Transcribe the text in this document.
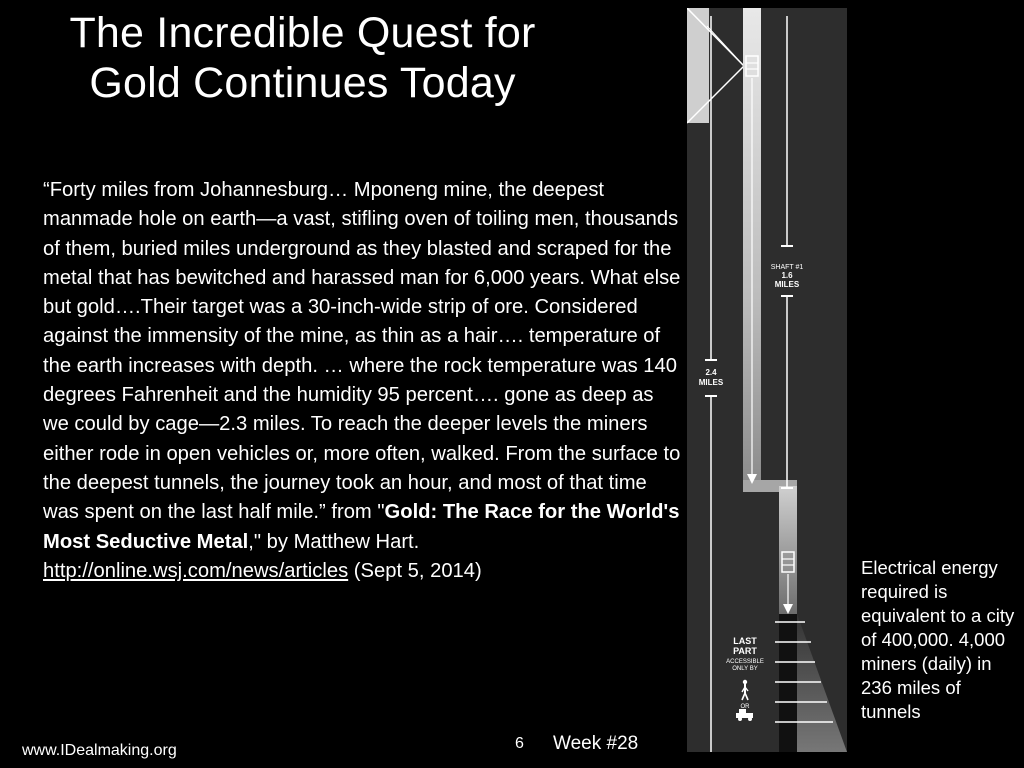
The Incredible Quest for
Gold Continues Today

“Forty miles from Johannesburg… Mponeng mine, the deepest manmade hole on earth—a vast, stifling oven of toiling men, thousands of them, buried miles underground as they blasted and scraped for the metal that has bewitched and harassed man for 6,000 years. What else but gold….Their target was a 30-inch-wide strip of ore. Considered against the immensity of the mine, as thin as a hair…. temperature of the earth increases with depth. … where the rock temperature was 140 degrees Fahrenheit and the humidity 95 percent…. gone as deep as we could by cage—2.3 miles. To reach the deeper levels the miners either rode in open vehicles or, more often, walked. From the surface to the deepest tunnels, the journey took an hour, and most of that time was spent on the last half mile.” from "Gold: The Race for the World's Most Seductive Metal," by Matthew Hart.
http://online.wsj.com/news/articles (Sept 5, 2014)

SHAFT #1
1.6
MILES
2.4
MILES
LAST
PART
ACCESSIBLE
ONLY BY
OR

Electrical energy required is equivalent to a city of 400,000. 4,000 miners (daily) in 236 miles of tunnels

www.IDealmaking.org	6 Week #28
